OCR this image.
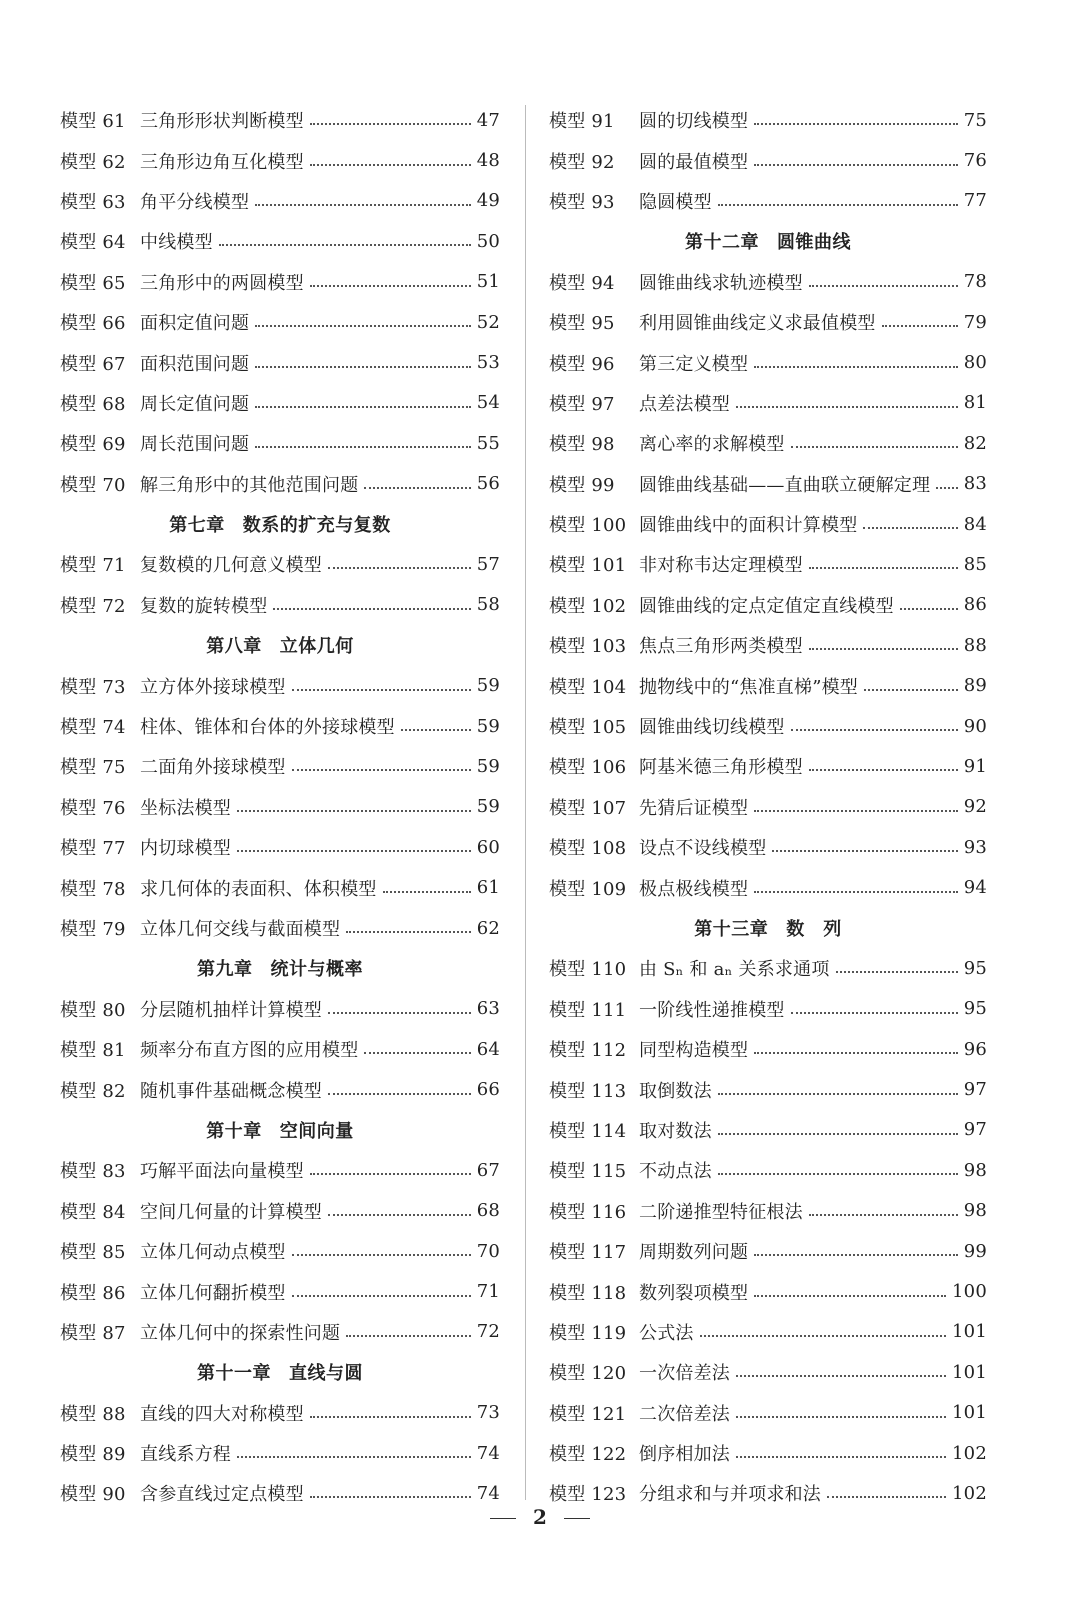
模型 61 三角形形状判断模型	47
模型 62 三角形边角互化模型	48
模型 63 角平分线模型	49
模型 64 中线模型	50
模型 65 三角形中的两圆模型	51
模型 66 面积定值问题	52
模型 67 面积范围问题	53
模型 68 周长定值问题	54
模型 69 周长范围问题	55
模型 70 解三角形中的其他范围问题	56
第七章 数系的扩充与复数
模型 71 复数模的几何意义模型	57
模型 72 复数的旋转模型	58
第八章 立体几何
模型 73 立方体外接球模型	59
模型 74 柱体、锥体和台体的外接球模型	59
模型 75 二面角外接球模型	59
模型 76 坐标法模型	59
模型 77 内切球模型	60
模型 78 求几何体的表面积、体积模型	61
模型 79 立体几何交线与截面模型	62
第九章 统计与概率
模型 80 分层随机抽样计算模型	63
模型 81 频率分布直方图的应用模型	64
模型 82 随机事件基础概念模型	66
第十章 空间向量
模型 83 巧解平面法向量模型	67
模型 84 空间几何量的计算模型	68
模型 85 立体几何动点模型	70
模型 86 立体几何翻折模型	71
模型 87 立体几何中的探索性问题	72
第十一章 直线与圆
模型 88 直线的四大对称模型	73
模型 89 直线系方程	74
模型 90 含参直线过定点模型	74
模型 91	圆的切线模型	75
模型 92	圆的最值模型	76
模型 93	隐圆模型	77
第十二章 圆锥曲线
模型 94	圆锥曲线求轨迹模型	78
模型 95	利用圆锥曲线定义求最值模型	79
模型 96	第三定义模型	80
模型 97	点差法模型	81
模型 98	离心率的求解模型	82
模型 99	圆锥曲线基础——直曲联立硬解定理 83
模型 100 圆锥曲线中的面积计算模型	84
模型 101 非对称韦达定理模型	85
模型 102 圆锥曲线的定点定值定直线模型	86
模型 103 焦点三角形两类模型	88
模型 104 抛物线中的“焦准直梯”模型	89
模型 105 圆锥曲线切线模型	90
模型 106 阿基米德三角形模型	91
模型 107 先猜后证模型	92
模型 108 设点不设线模型	93
模型 109 极点极线模型	94
第十三章 数　列
模型 110 由 Sₙ 和 aₙ 关系求通项	95
模型 111 一阶线性递推模型	95
模型 112 同型构造模型	96
模型 113 取倒数法	97
模型 114 取对数法	97
模型 115 不动点法	98
模型 116 二阶递推型特征根法	98
模型 117 周期数列问题	99
模型 118 数列裂项模型	100
模型 119 公式法	101
模型 120 一次倍差法	101
模型 121 二次倍差法	101
模型 122 倒序相加法	102
模型 123 分组求和与并项求和法	102
2
